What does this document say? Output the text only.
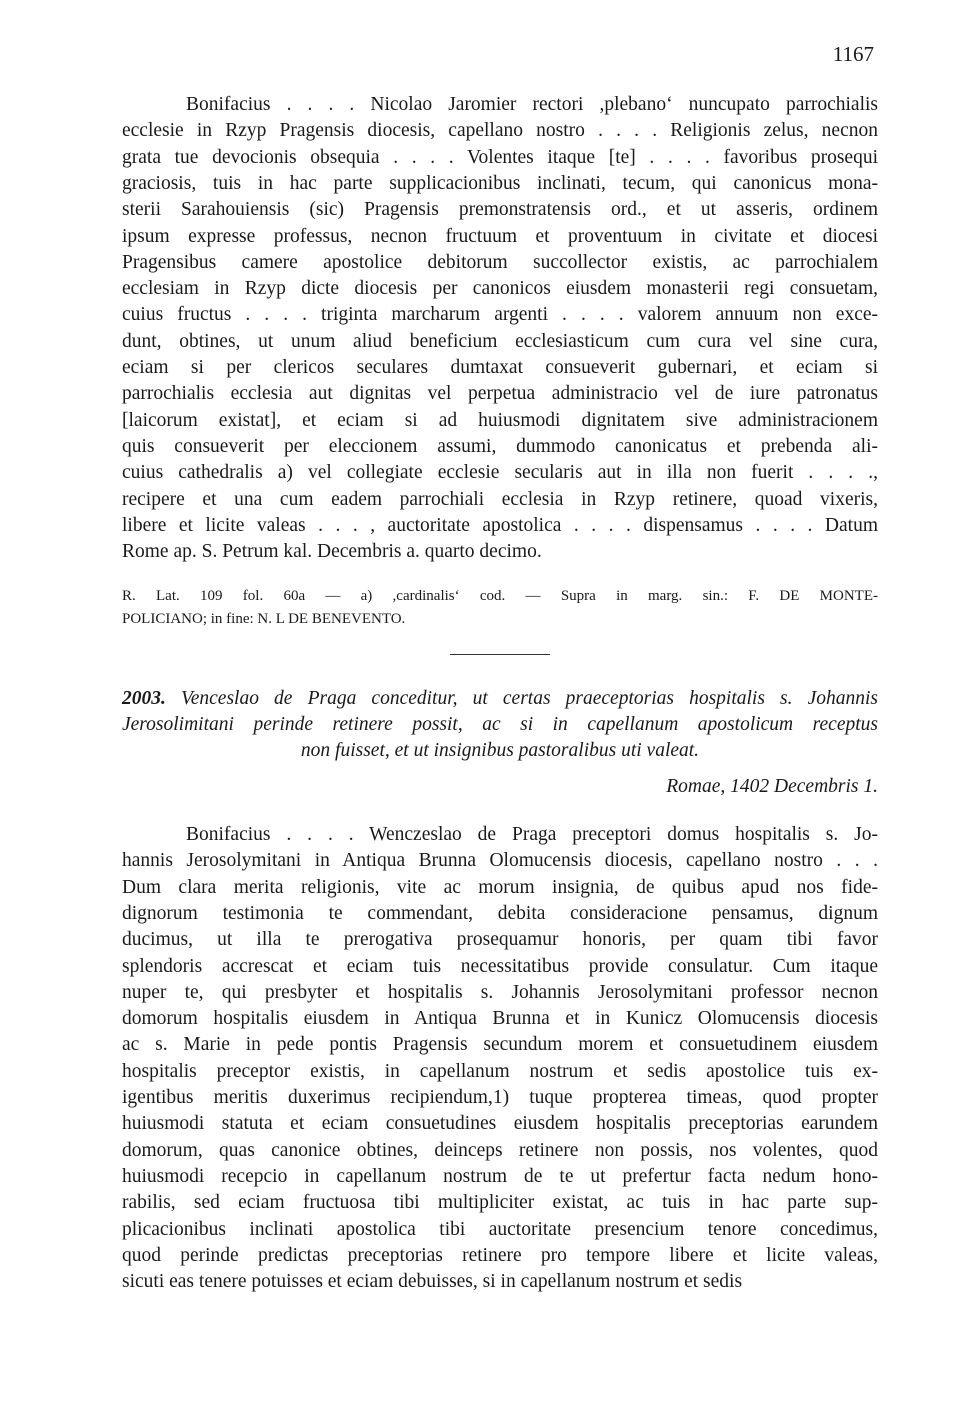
1167
Bonifacius . . . . Nicolao Jaromier rectori ,plebano‘ nuncupato parrochialis
ecclesie in Rzyp Pragensis diocesis, capellano nostro . . . . Religionis zelus, necnon
grata tue devocionis obsequia . . . . Volentes itaque [te] . . . . favoribus prosequi
graciosis, tuis in hac parte supplicacionibus inclinati, tecum, qui canonicus mona-
sterii Sarahouiensis (sic) Pragensis premonstratensis ord., et ut asseris, ordinem
ipsum expresse professus, necnon fructuum et proventuum in civitate et diocesi
Pragensibus camere apostolice debitorum succollector existis, ac parrochialem
ecclesiam in Rzyp dicte diocesis per canonicos eiusdem monasterii regi consuetam,
cuius fructus . . . . triginta marcharum argenti . . . . valorem annuum non exce-
dunt, obtines, ut unum aliud beneficium ecclesiasticum cum cura vel sine cura,
eciam si per clericos seculares dumtaxat consueverit gubernari, et eciam si
parrochialis ecclesia aut dignitas vel perpetua administracio vel de iure patronatus
[laicorum existat], et eciam si ad huiusmodi dignitatem sive administracionem
quis consueverit per eleccionem assumi, dummodo canonicatus et prebenda ali-
cuius cathedralis a) vel collegiate ecclesie secularis aut in illa non fuerit . . . .,
recipere et una cum eadem parrochiali ecclesia in Rzyp retinere, quoad vixeris,
libere et licite valeas . . . , auctoritate apostolica . . . . dispensamus . . . . Datum
Rome ap. S. Petrum kal. Decembris a. quarto decimo.
R. Lat. 109 fol. 60a — a) ,cardinalis‘ cod. — Supra in marg. sin.: F. DE MONTE-
POLICIANO; in fine: N. L DE BENEVENTO.
2003. Venceslao de Praga conceditur, ut certas praeceptorias hospitalis s. Johannis
Jerosolimitani perinde retinere possit, ac si in capellanum apostolicum receptus
non fuisset, et ut insignibus pastoralibus uti valeat.
Romae, 1402 Decembris 1.
Bonifacius . . . . Wenczeslao de Praga preceptori domus hospitalis s. Jo-
hannis Jerosolymitani in Antiqua Brunna Olomucensis diocesis, capellano nostro . . .
Dum clara merita religionis, vite ac morum insignia, de quibus apud nos fide-
dignorum testimonia te commendant, debita consideracione pensamus, dignum
ducimus, ut illa te prerogativa prosequamur honoris, per quam tibi favor
splendoris accrescat et eciam tuis necessitatibus provide consulatur. Cum itaque
nuper te, qui presbyter et hospitalis s. Johannis Jerosolymitani professor necnon
domorum hospitalis eiusdem in Antiqua Brunna et in Kunicz Olomucensis diocesis
ac s. Marie in pede pontis Pragensis secundum morem et consuetudinem eiusdem
hospitalis preceptor existis, in capellanum nostrum et sedis apostolice tuis ex-
igentibus meritis duxerimus recipiendum,1) tuque propterea timeas, quod propter
huiusmodi statuta et eciam consuetudines eiusdem hospitalis preceptorias earundem
domorum, quas canonice obtines, deinceps retinere non possis, nos volentes, quod
huiusmodi recepcio in capellanum nostrum de te ut prefertur facta nedum hono-
rabilis, sed eciam fructuosa tibi multipliciter existat, ac tuis in hac parte sup-
plicacionibus inclinati apostolica tibi auctoritate presencium tenore concedimus,
quod perinde predictas preceptorias retinere pro tempore libere et licite valeas,
sicuti eas tenere potuisses et eciam debuisses, si in capellanum nostrum et sedis
